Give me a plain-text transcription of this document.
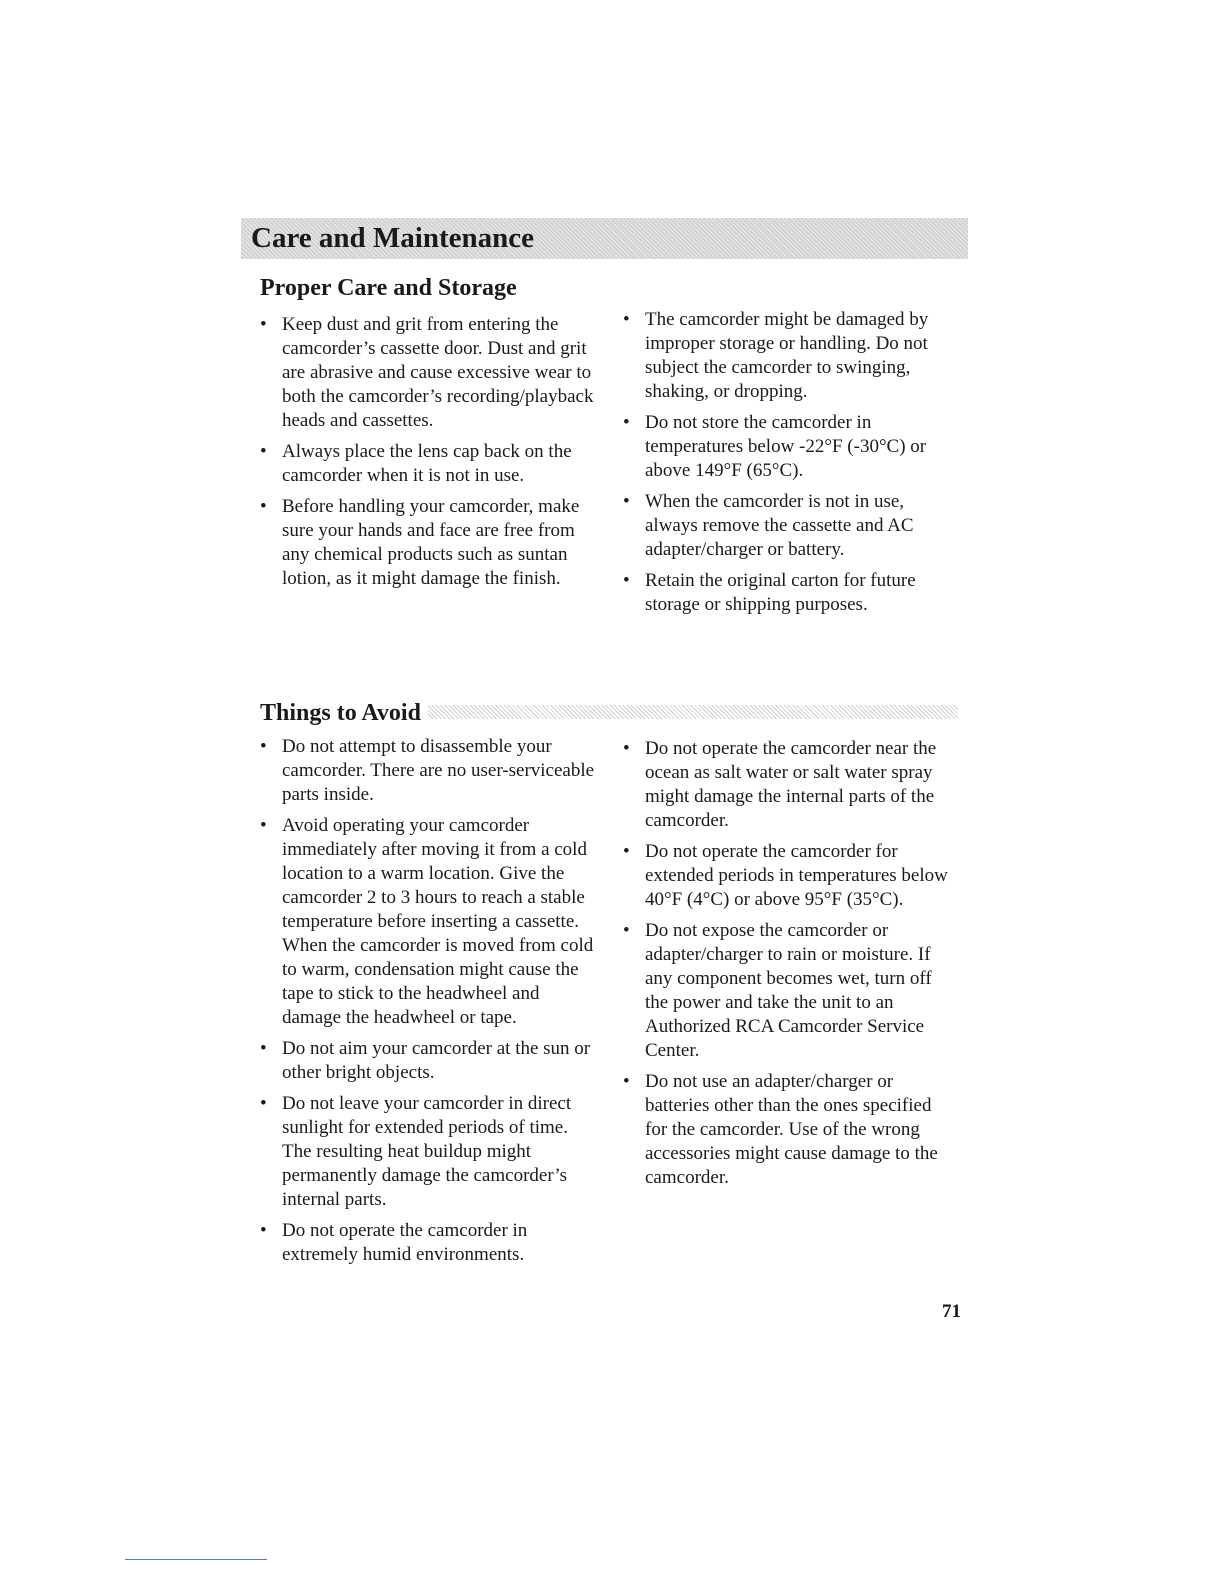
Care and Maintenance
Proper Care and Storage
• Keep dust and grit from entering the camcorder’s cassette door. Dust and grit are abrasive and cause excessive wear to both the camcorder’s recording/playback heads and cassettes.
• Always place the lens cap back on the camcorder when it is not in use.
• Before handling your camcorder, make sure your hands and face are free from any chemical products such as suntan lotion, as it might damage the finish.
• The camcorder might be damaged by improper storage or handling. Do not subject the camcorder to swinging, shaking, or dropping.
• Do not store the camcorder in temperatures below -22°F (-30°C) or above 149°F (65°C).
• When the camcorder is not in use, always remove the cassette and AC adapter/charger or battery.
• Retain the original carton for future storage or shipping purposes.
Things to Avoid
• Do not attempt to disassemble your camcorder. There are no user-serviceable parts inside.
• Avoid operating your camcorder immediately after moving it from a cold location to a warm location. Give the camcorder 2 to 3 hours to reach a stable temperature before inserting a cassette. When the camcorder is moved from cold to warm, condensation might cause the tape to stick to the headwheel and damage the headwheel or tape.
• Do not aim your camcorder at the sun or other bright objects.
• Do not leave your camcorder in direct sunlight for extended periods of time. The resulting heat buildup might permanently damage the camcorder’s internal parts.
• Do not operate the camcorder in extremely humid environments.
• Do not operate the camcorder near the ocean as salt water or salt water spray might damage the internal parts of the camcorder.
• Do not operate the camcorder for extended periods in temperatures below 40°F (4°C) or above 95°F (35°C).
• Do not expose the camcorder or adapter/charger to rain or moisture. If any component becomes wet, turn off the power and take the unit to an Authorized RCA Camcorder Service Center.
• Do not use an adapter/charger or batteries other than the ones specified for the camcorder. Use of the wrong accessories might cause damage to the camcorder.
71
